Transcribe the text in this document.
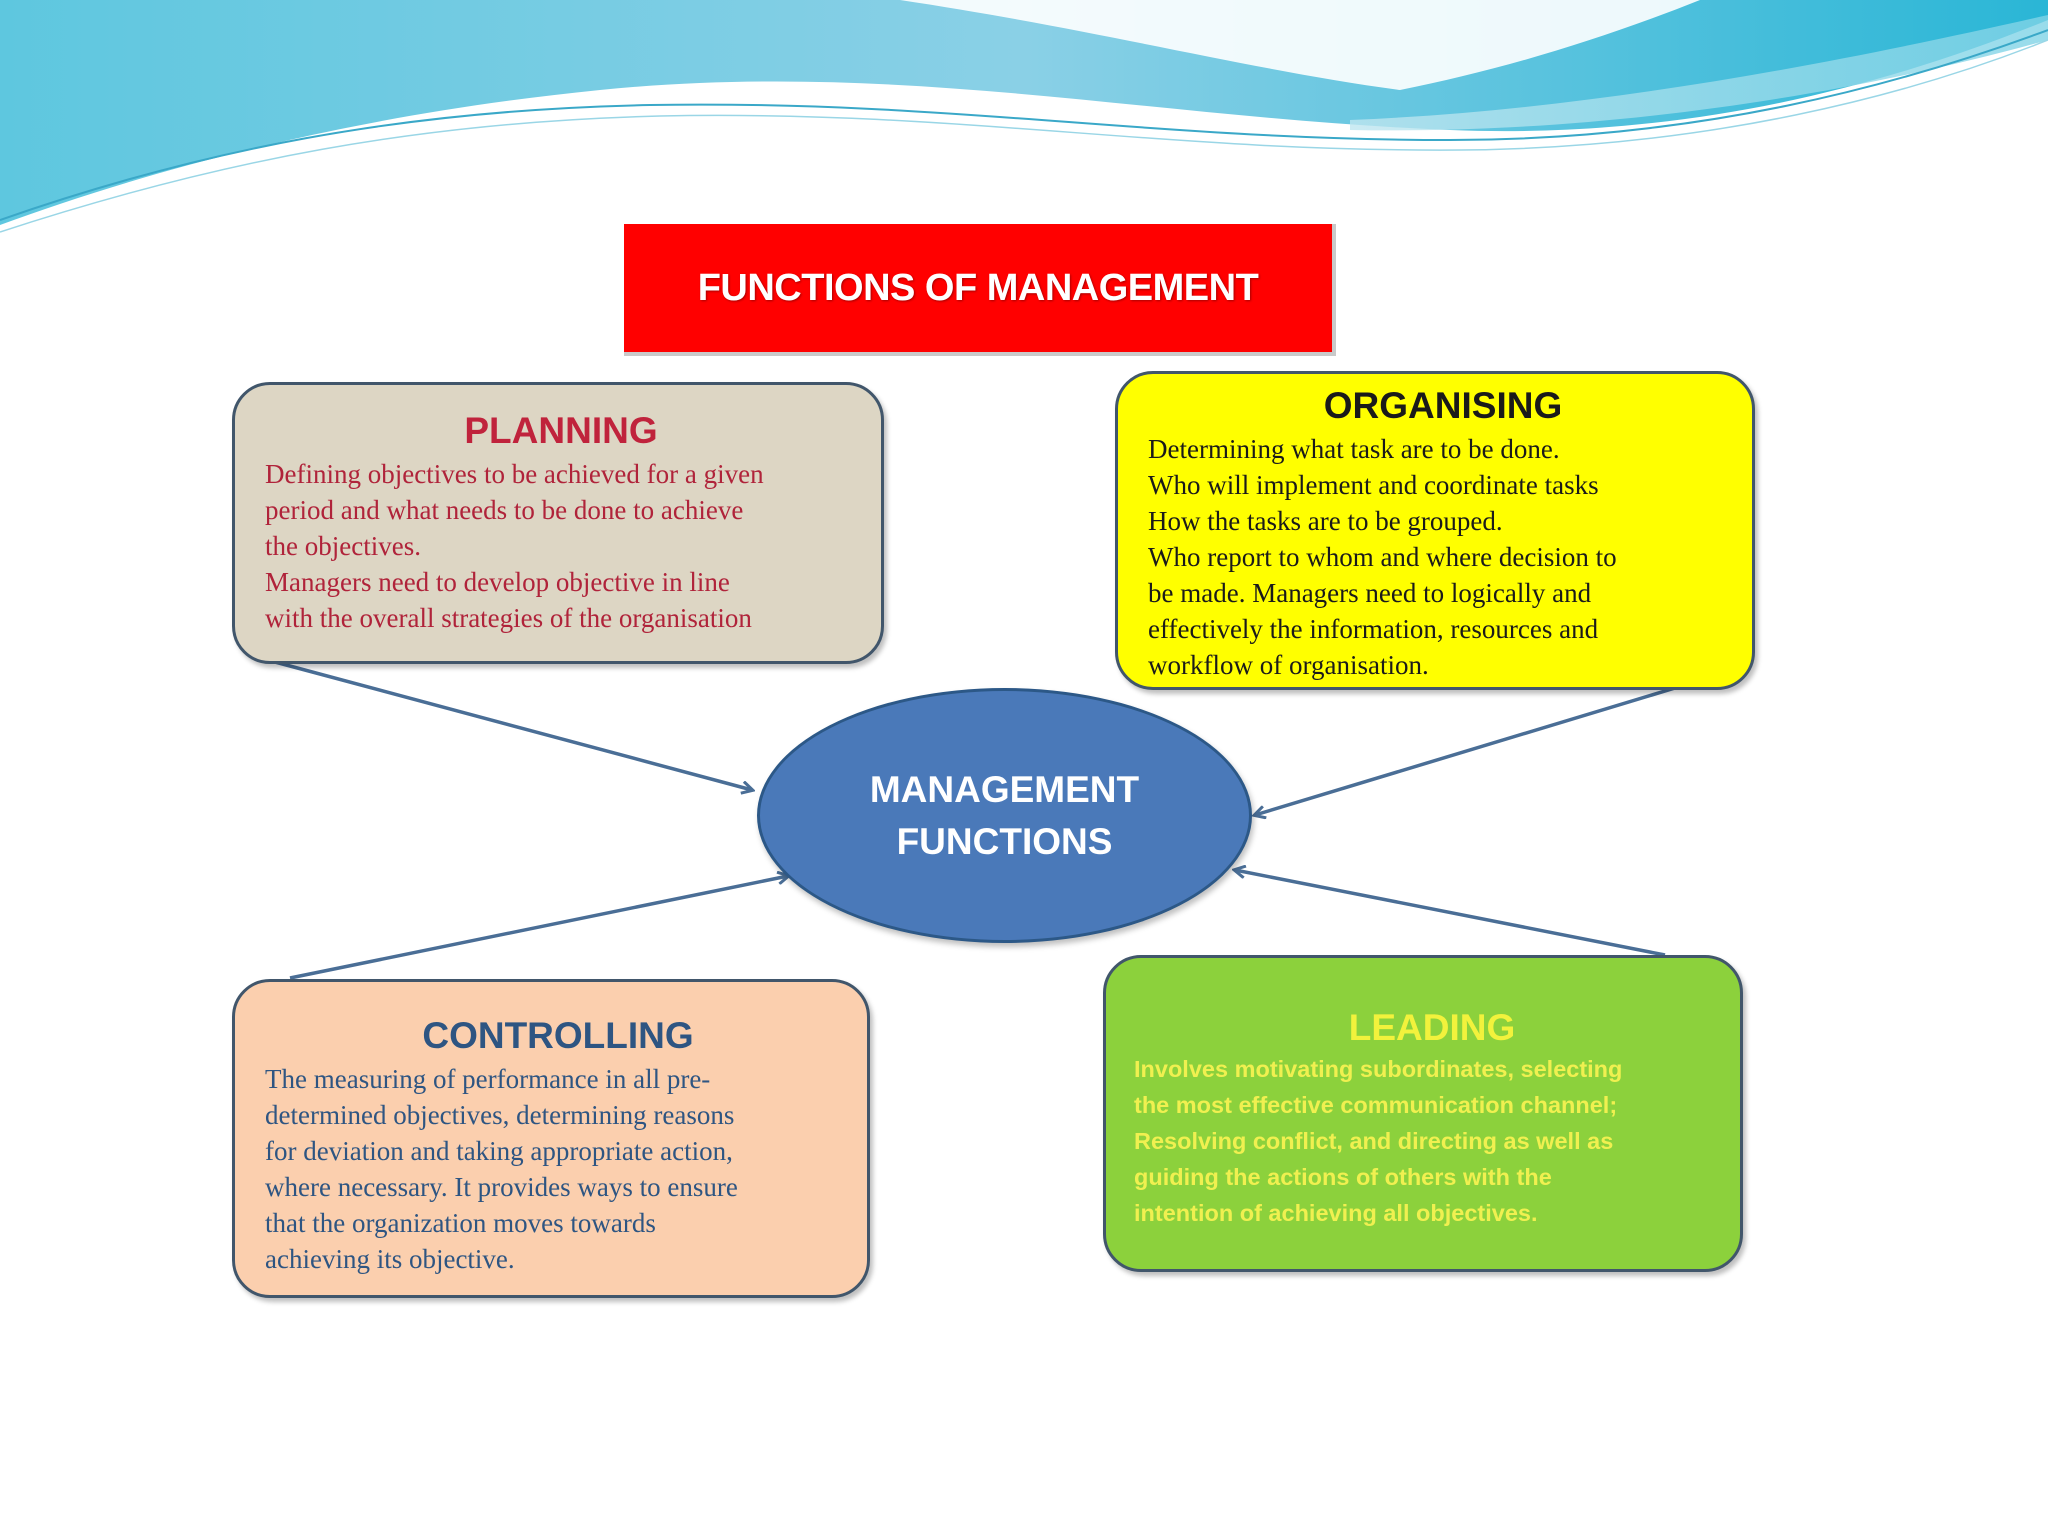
FUNCTIONS OF MANAGEMENT

PLANNING

Defining objectives to be achieved for a given
period and what needs to be done to achieve
the objectives.
Managers need to develop objective in line
with the overall strategies of the organisation

ORGANISING

Determining what task are to be done.
Who will implement and coordinate tasks
How the tasks are to be grouped.
Who report to whom and where decision to
be made. Managers need to logically and
effectively the information, resources and
workflow of organisation.
MANAGEMENT
FUNCTIONS

CONTROLLING

The measuring of performance in all pre-
determined objectives, determining reasons
for deviation and taking appropriate action,
where necessary. It provides ways to ensure
that the organization moves towards
achieving its objective.

LEADING

Involves motivating subordinates, selecting
the most effective communication channel;
Resolving conflict, and directing as well as
guiding the actions of others with the
intention of achieving all objectives.
